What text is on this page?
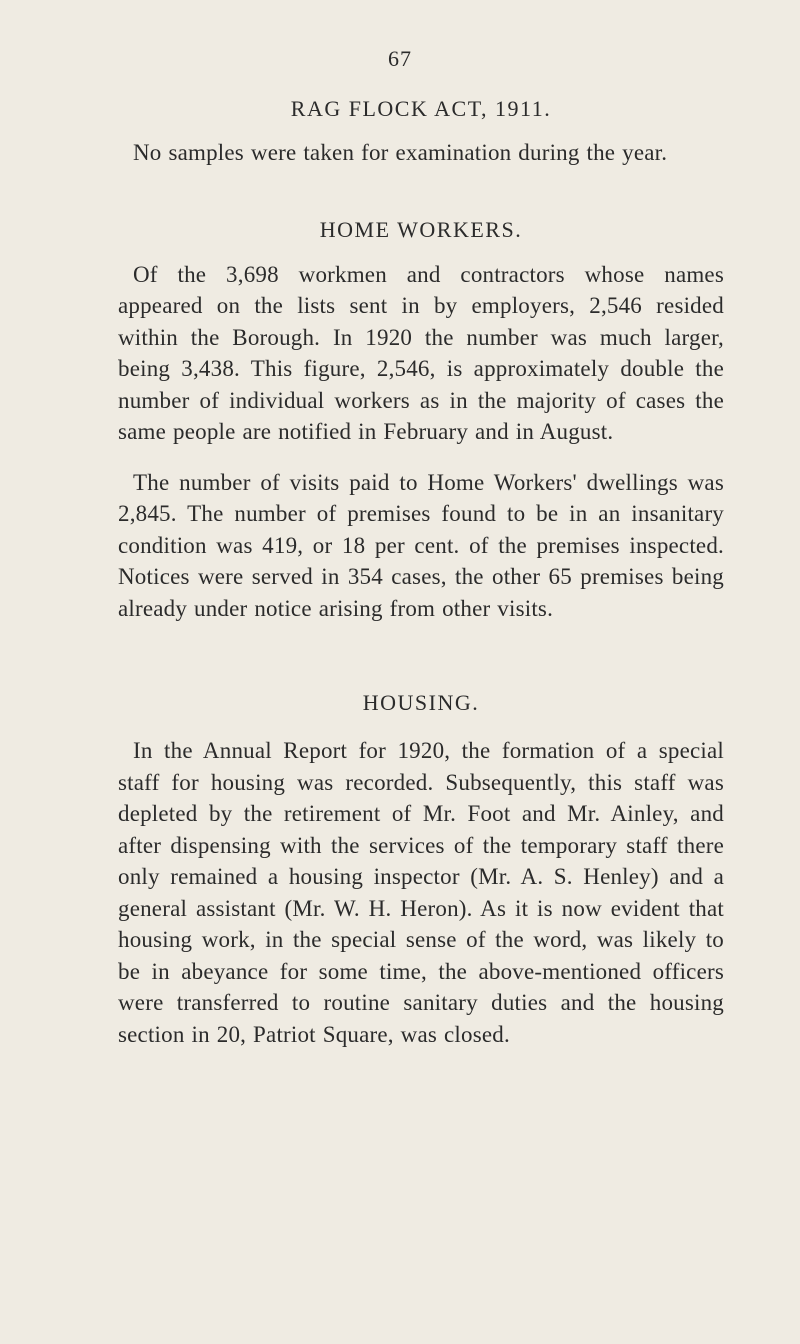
67
RAG FLOCK ACT, 1911.

No samples were taken for examination during the year.

HOME WORKERS.

Of the 3,698 workmen and contractors whose names appeared on the lists sent in by employers, 2,546 resided within the Borough. In 1920 the number was much larger, being 3,438. This figure, 2,546, is approximately double the number of individual workers as in the majority of cases the same people are notified in February and in August.

The number of visits paid to Home Workers' dwellings was 2,845. The number of premises found to be in an insanitary condition was 419, or 18 per cent. of the premises inspected. Notices were served in 354 cases, the other 65 premises being already under notice arising from other visits.

HOUSING.

In the Annual Report for 1920, the formation of a special staff for housing was recorded. Subsequently, this staff was depleted by the retirement of Mr. Foot and Mr. Ainley, and after dispensing with the services of the temporary staff there only remained a housing inspector (Mr. A. S. Henley) and a general assistant (Mr. W. H. Heron). As it is now evident that housing work, in the special sense of the word, was likely to be in abeyance for some time, the above-mentioned officers were transferred to routine sanitary duties and the housing section in 20, Patriot Square, was closed.
